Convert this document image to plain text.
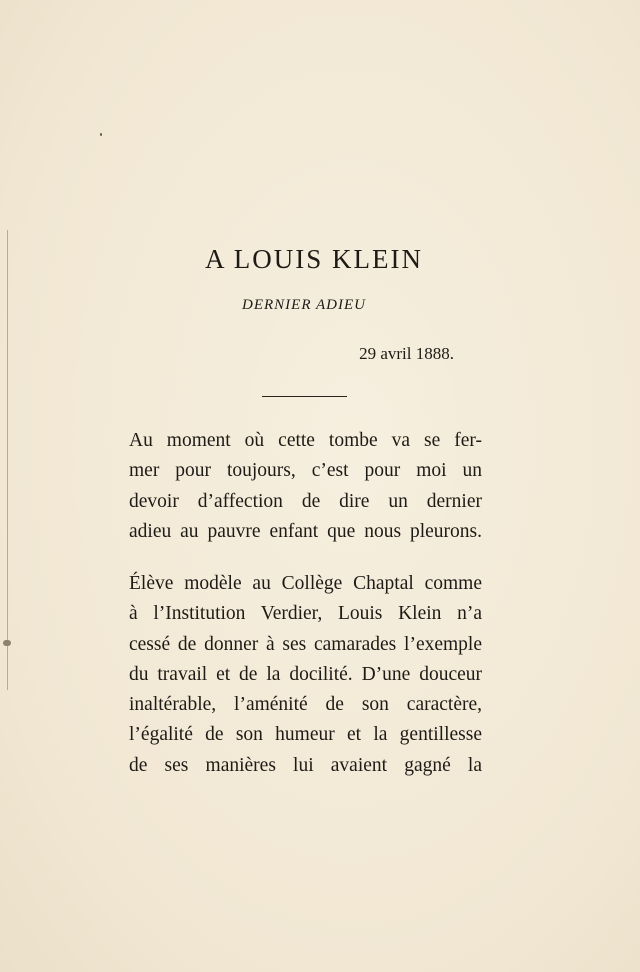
A LOUIS KLEIN
DERNIER ADIEU
29 avril 1888.
Au moment où cette tombe va se fer-
mer pour toujours, c’est pour moi un
devoir d’affection de dire un dernier
adieu au pauvre enfant que nous pleurons.
Élève modèle au Collège Chaptal comme
à l’Institution Verdier, Louis Klein n’a
cessé de donner à ses camarades l’exemple
du travail et de la docilité. D’une douceur
inaltérable, l’aménité de son caractère,
l’égalité de son humeur et la gentillesse
de ses manières lui avaient gagné la
